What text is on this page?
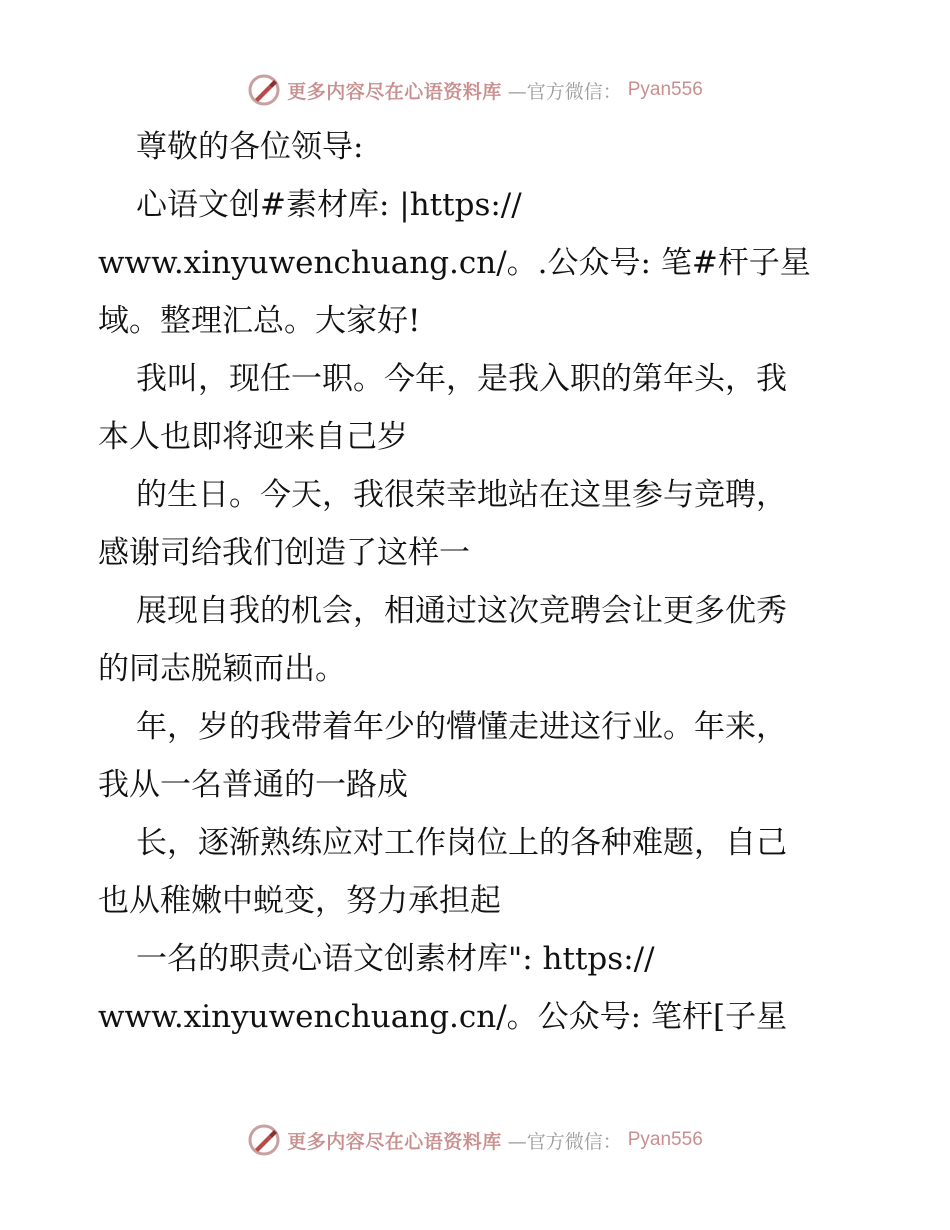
更多内容尽在心语资料库 —官方微信： Pyan556
尊敬的各位领导:
心语文创#素材库: |https://
www.xinyuwenchuang.cn/。.公众号: 笔#杆子星
域。整理汇总。大家好!
我叫，现任一职。今年，是我入职的第年头，我
本人也即将迎来自己岁
的生日。今天，我很荣幸地站在这里参与竞聘，
感谢司给我们创造了这样一
展现自我的机会，相通过这次竞聘会让更多优秀
的同志脱颖而出。
年，岁的我带着年少的懵懂走进这行业。年来，
我从一名普通的一路成
长，逐渐熟练应对工作岗位上的各种难题，自己
也从稚嫩中蜕变，努力承担起
一名的职责心语文创素材库": https://
www.xinyuwenchuang.cn/。公众号: 笔杆[子星
更多内容尽在心语资料库 —官方微信： Pyan556
